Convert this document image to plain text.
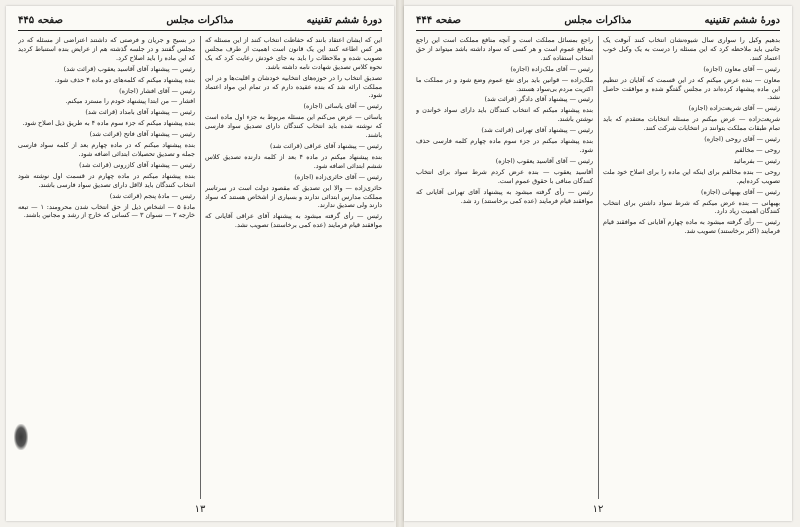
دورهٔ ششم تقنینیه
مذاکرات مجلس
صفحه ۴۴۵

این که ایشان اعتقاد بانند که حفاظت انتخاب کنند از این مسئله که هر کس اطاعه کنند این یک قانون است اهمیت از طرف مجلس تصویب شده و ملاحظات را باید به جای خودش رعایت کرد که یک نحوه کلاس تصدیق شهادت نامه داشته باشد.

تصدیق انتخاب را در حوزه‌های انتخابیه خودشان و اقلیت‌ها و در این مملکت ارائه شد که بنده عقیده دارم که در تمام این مواد اعتماد شود.

رئیس — آقای یاسائی (اجازه)

یاسائی — عرض می‌کنم این مسئله مربوط به جزء اول ماده است که نوشته شده باید انتخاب کنندگان دارای تصدیق سواد فارسی باشند.

رئیس — پیشنهاد آقای عراقی (قرائت شد)

بنده پیشنهاد میکنم در ماده ۴ بعد از کلمه دارنده تصدیق کلاس ششم ابتدائی اضافه شود.

رئیس — آقای حائری‌زاده (اجازه)

حائری‌زاده — والا این تصدیق که مقصود دولت است در سرتاسر مملکت مدارس ابتدائی ندارند و بسیاری از اشخاص هستند که سواد دارند ولی تصدیق ندارند.

رئیس — رأی گرفته میشود به پیشنهاد آقای عراقی آقایانی که موافقند قیام فرمایند (عده کمی برخاستند) تصویب نشد.

در بسیج و جریان و فرصتی که داشتند اعتراضی از مسئله که در مجلس گفتند و در جلسه گذشته هم از عرایض بنده استنباط کردید که این ماده را باید اصلاح کرد.

رئیس — پیشنهاد آقای آقاسید یعقوب (قرائت شد)

بنده پیشنهاد میکنم که کلمه‌های دو ماده ۴ حذف شود.

رئیس — آقای افشار (اجازه)

افشار — من ابتدا پیشنهاد خودم را مسترد میکنم.

رئیس — پیشنهاد آقای بامداد (قرائت شد)

بنده پیشنهاد میکنم که جزء سوم ماده ۴ به طریق ذیل اصلاح شود.

رئیس — پیشنهاد آقای فاتح (قرائت شد)

بنده پیشنهاد میکنم که در ماده چهارم بعد از کلمه سواد فارسی جمله و تصدیق تحصیلات ابتدائی اضافه شود.

رئیس — پیشنهاد آقای کازرونی (قرائت شد)

بنده پیشنهاد میکنم در ماده چهارم در قسمت اول نوشته شود انتخاب کنندگان باید لااقل دارای تصدیق سواد فارسی باشند.

رئیس — مادهٔ پنجم (قرائت شد)

مادهٔ ۵ — اشخاص ذیل از حق انتخاب شدن محرومند: ۱ — تبعه خارجه ۲ — نسوان ۳ — کسانی که خارج از رشد و مجانین باشند.

۱۳
دورهٔ ششم تقنینیه
مذاکرات مجلس
صفحه ۴۴۴

بدهیم وکیل را سواری سال شیوه‌نشان انتخاب کنند آنوقت یک جانبی باید ملاحظه کرد که این مسئله را درست به یک وکیل خوب اعتماد کنند.

رئیس — آقای معاون (اجازه)

معاون — بنده عرض میکنم که در این قسمت که آقایان در تنظیم این ماده پیشنهاد کرده‌اند در مجلس گفتگو شده و موافقت حاصل نشد.

رئیس — آقای شریعت‌زاده (اجازه)

شریعت‌زاده — عرض میکنم در مسئله انتخابات معتقدم که باید تمام طبقات مملکت بتوانند در انتخابات شرکت کنند.

رئیس — آقای روحی (اجازه)

روحی — مخالفم

رئیس — بفرمائید

روحی — بنده مخالفم برای اینکه این ماده را برای اصلاح خود ملت تصویب کرده‌ایم.

رئیس — آقای بهبهانی (اجازه)

بهبهانی — بنده عرض میکنم که شرط سواد داشتن برای انتخاب کنندگان اهمیت زیاد دارد.

رئیس — رأی گرفته میشود به ماده چهارم آقایانی که موافقند قیام فرمایند (اکثر برخاستند) تصویب شد.

راجع بمسائل مملکت است و آنچه منافع مملکت است این راجع بمنافع عموم است و هر کسی که سواد داشته باشد میتواند از حق انتخاب استفاده کند.

رئیس — آقای ملک‌زاده (اجازه)

ملک‌زاده — قوانین باید برای نفع عموم وضع شود و در مملکت ما اکثریت مردم بی‌سواد هستند.

رئیس — پیشنهاد آقای دادگر (قرائت شد)

بنده پیشنهاد میکنم که انتخاب کنندگان باید دارای سواد خواندن و نوشتن باشند.

رئیس — پیشنهاد آقای تهرانی (قرائت شد)

بنده پیشنهاد میکنم در جزء سوم ماده چهارم کلمه فارسی حذف شود.

رئیس — آقای آقاسید یعقوب (اجازه)

آقاسید یعقوب — بنده عرض کردم شرط سواد برای انتخاب کنندگان منافی با حقوق عموم است.

رئیس — رأی گرفته میشود به پیشنهاد آقای تهرانی آقایانی که موافقند قیام فرمایند (عده کمی برخاستند) رد شد.

۱۲
